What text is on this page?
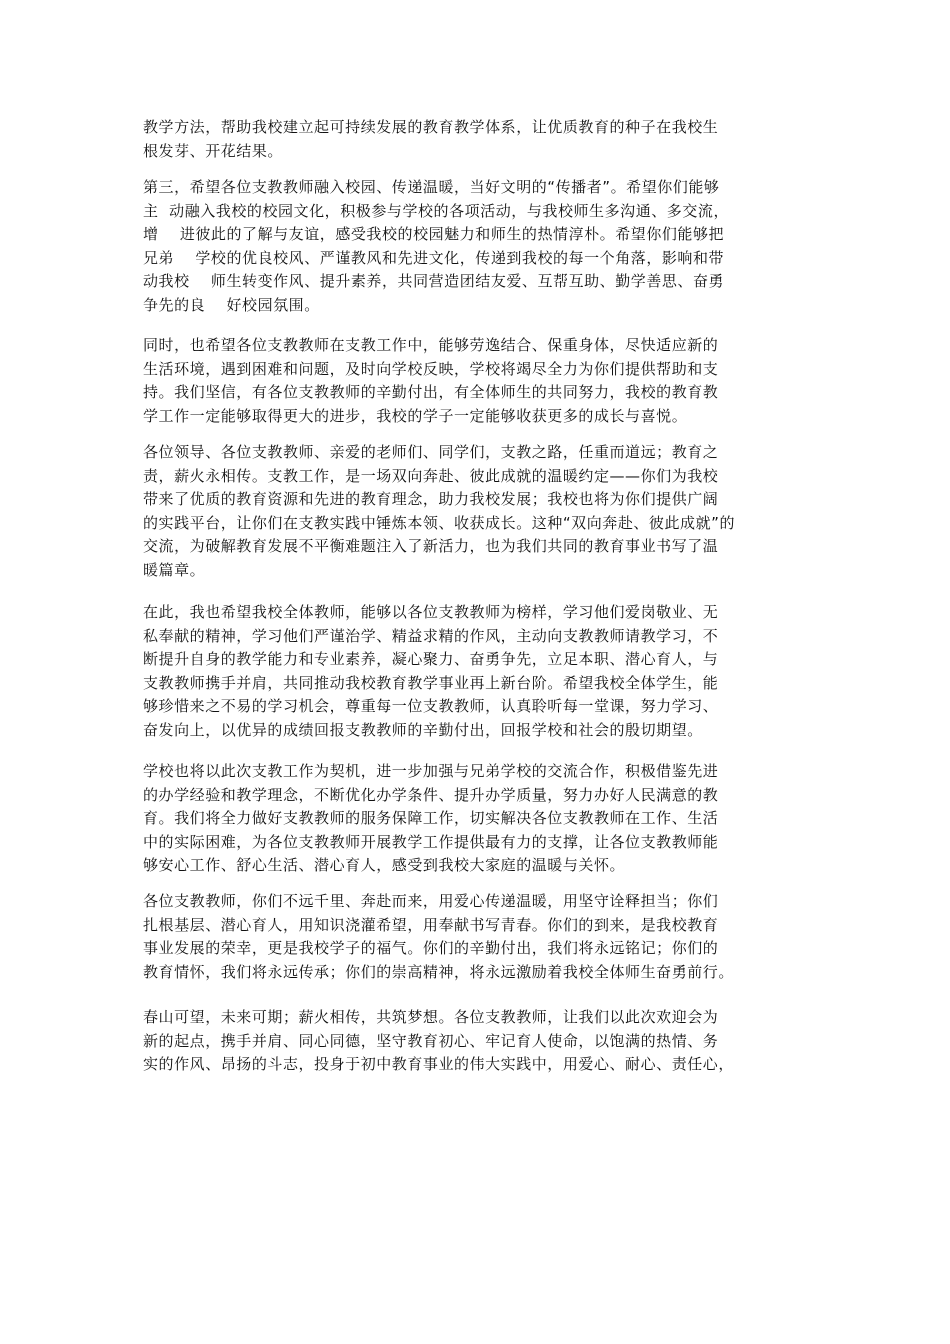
教学方法，帮助我校建立起可持续发展的教育教学体系，让优质教育的种子在我校生
根发芽、开花结果。
第三，希望各位支教教师融入校园、传递温暖，当好文明的“传播者”。希望你们能够
主  动融入我校的校园文化，积极参与学校的各项活动，与我校师生多沟通、多交流，
增    进彼此的了解与友谊，感受我校的校园魅力和师生的热情淳朴。希望你们能够把
兄弟    学校的优良校风、严谨教风和先进文化，传递到我校的每一个角落，影响和带
动我校    师生转变作风、提升素养，共同营造团结友爱、互帮互助、勤学善思、奋勇
争先的良    好校园氛围。
同时，也希望各位支教教师在支教工作中，能够劳逸结合、保重身体，尽快适应新的
生活环境，遇到困难和问题，及时向学校反映，学校将竭尽全力为你们提供帮助和支
持。我们坚信，有各位支教教师的辛勤付出，有全体师生的共同努力，我校的教育教
学工作一定能够取得更大的进步，我校的学子一定能够收获更多的成长与喜悦。
各位领导、各位支教教师、亲爱的老师们、同学们，支教之路，任重而道远；教育之
责，薪火永相传。支教工作，是一场双向奔赴、彼此成就的温暖约定——你们为我校
带来了优质的教育资源和先进的教育理念，助力我校发展；我校也将为你们提供广阔
的实践平台，让你们在支教实践中锤炼本领、收获成长。这种“双向奔赴、彼此成就”的
交流，为破解教育发展不平衡难题注入了新活力，也为我们共同的教育事业书写了温
暖篇章。
在此，我也希望我校全体教师，能够以各位支教教师为榜样，学习他们爱岗敬业、无
私奉献的精神，学习他们严谨治学、精益求精的作风，主动向支教教师请教学习，不
断提升自身的教学能力和专业素养，凝心聚力、奋勇争先，立足本职、潜心育人，与
支教教师携手并肩，共同推动我校教育教学事业再上新台阶。希望我校全体学生，能
够珍惜来之不易的学习机会，尊重每一位支教教师，认真聆听每一堂课，努力学习、
奋发向上，以优异的成绩回报支教教师的辛勤付出，回报学校和社会的殷切期望。
学校也将以此次支教工作为契机，进一步加强与兄弟学校的交流合作，积极借鉴先进
的办学经验和教学理念，不断优化办学条件、提升办学质量，努力办好人民满意的教
育。我们将全力做好支教教师的服务保障工作，切实解决各位支教教师在工作、生活
中的实际困难，为各位支教教师开展教学工作提供最有力的支撑，让各位支教教师能
够安心工作、舒心生活、潜心育人，感受到我校大家庭的温暖与关怀。
各位支教教师，你们不远千里、奔赴而来，用爱心传递温暖，用坚守诠释担当；你们
扎根基层、潜心育人，用知识浇灌希望，用奉献书写青春。你们的到来，是我校教育
事业发展的荣幸，更是我校学子的福气。你们的辛勤付出，我们将永远铭记；你们的
教育情怀，我们将永远传承；你们的崇高精神，将永远激励着我校全体师生奋勇前行。
春山可望，未来可期；薪火相传，共筑梦想。各位支教教师，让我们以此次欢迎会为
新的起点，携手并肩、同心同德，坚守教育初心、牢记育人使命，以饱满的热情、务
实的作风、昂扬的斗志，投身于初中教育事业的伟大实践中，用爱心、耐心、责任心，
